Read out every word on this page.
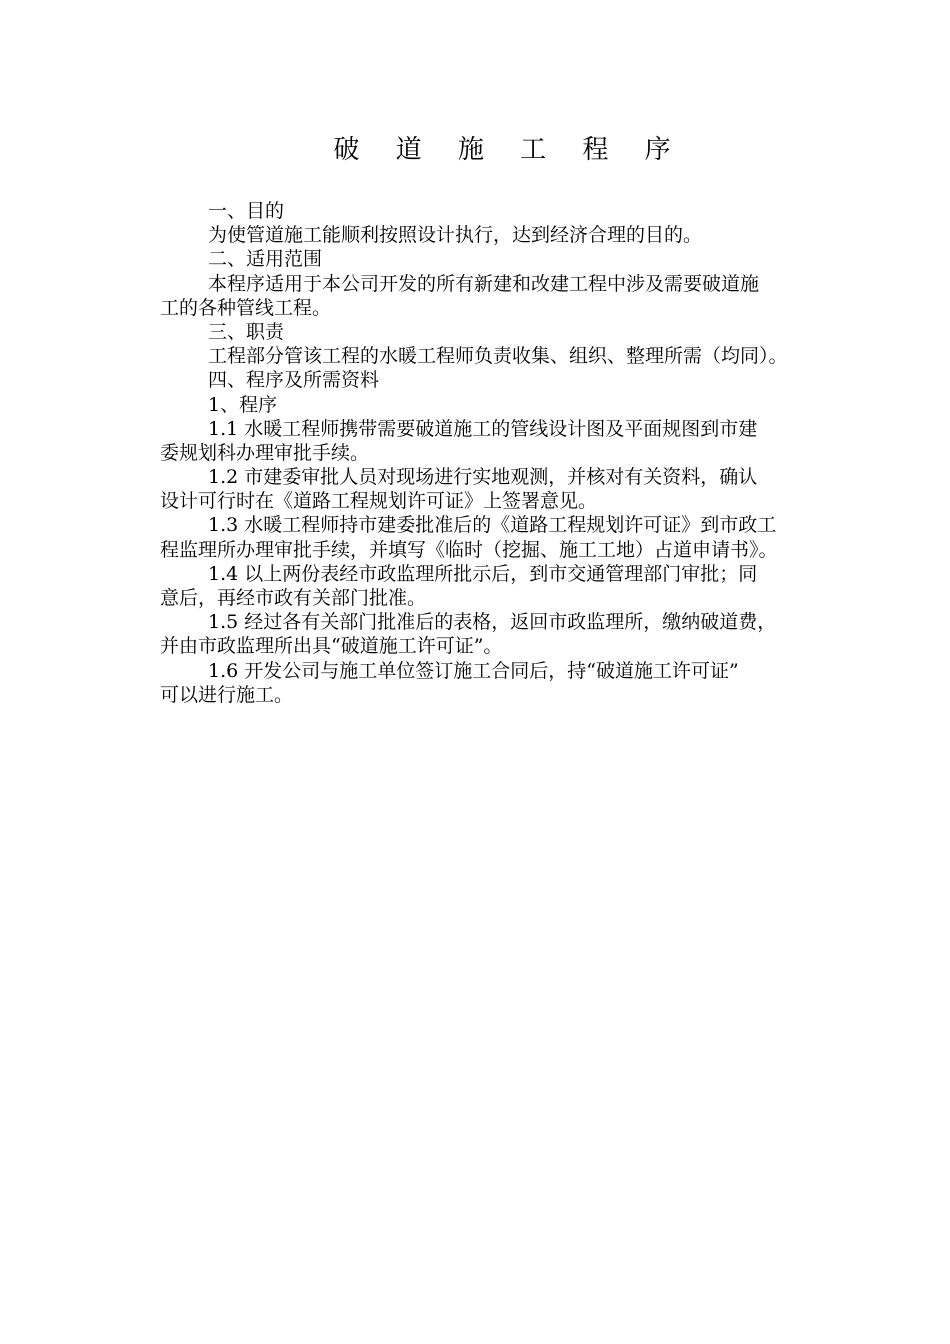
破 道 施 工 程 序
一、目的
为使管道施工能顺利按照设计执行，达到经济合理的目的。
二、适用范围
本程序适用于本公司开发的所有新建和改建工程中涉及需要破道施
工的各种管线工程。
三、职责
工程部分管该工程的水暖工程师负责收集、组织、整理所需（均同）。
四、程序及所需资料
1、程序
1.1 水暖工程师携带需要破道施工的管线设计图及平面规图到市建
委规划科办理审批手续。
1.2 市建委审批人员对现场进行实地观测，并核对有关资料，确认
设计可行时在《道路工程规划许可证》上签署意见。
1.3 水暖工程师持市建委批准后的《道路工程规划许可证》到市政工
程监理所办理审批手续，并填写《临时（挖掘、施工工地）占道申请书》。
1.4 以上两份表经市政监理所批示后，到市交通管理部门审批；同
意后，再经市政有关部门批准。
1.5 经过各有关部门批准后的表格，返回市政监理所，缴纳破道费，
并由市政监理所出具“破道施工许可证”。
1.6 开发公司与施工单位签订施工合同后，持“破道施工许可证”
可以进行施工。
